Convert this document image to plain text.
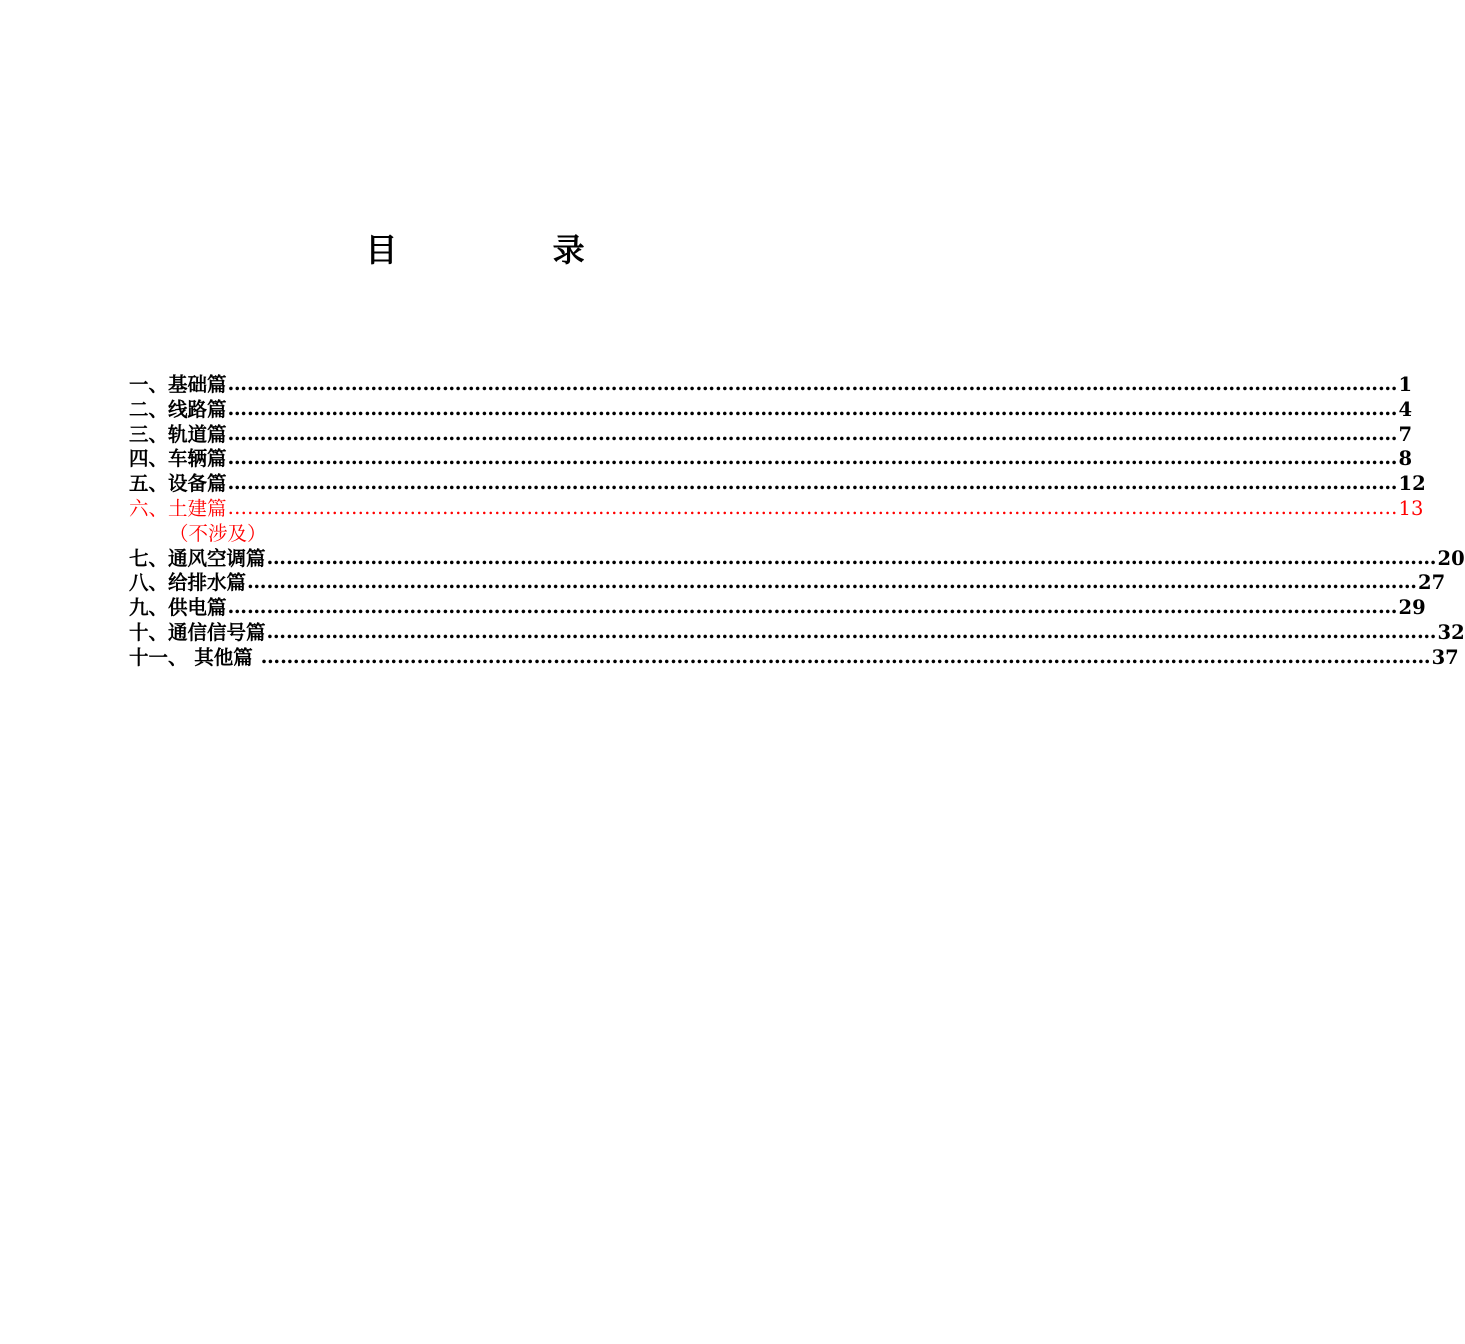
目 录
一、 基础篇 ……………………………………………………………………………………………………………………………………………………………… 1
二、 线路篇 ……………………………………………………………………………………………………………………………………………………………… 4
三、 轨道篇 ……………………………………………………………………………………………………………………………………………………………… 7
四、 车辆篇 ……………………………………………………………………………………………………………………………………………………………… 8
五、 设备篇 ……………………………………………………………………………………………………………………………………………………………… 12
六、 土建篇 ……………………………………………………………………………………………………………………………………………………………… 13
（不涉及）
七、 通风空调篇 ……………………………………………………………………………………………………………………………………………………………… 20
八、 给排水篇 ……………………………………………………………………………………………………………………………………………………………… 27
九、 供电篇 ……………………………………………………………………………………………………………………………………………………………… 29
十、 通信信号篇 ……………………………………………………………………………………………………………………………………………………………… 32
十一、 其他篇 ……………………………………………………………………………………………………………………………………………………………… 37
